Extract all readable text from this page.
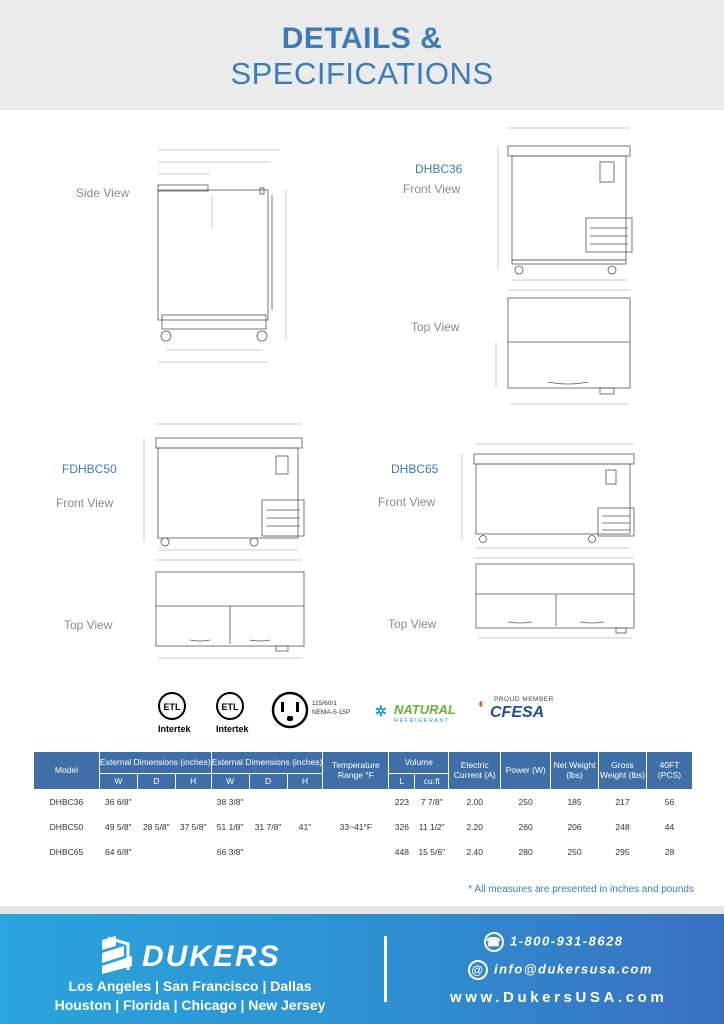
DETAILS &
SPECIFICATIONS
Side View
DHBC36
Front View
Top View
FDHBC50
Front View
Top View
DHBC65
Front View
Top View
ETL	ETL	✲	◐
Intertek	Intertek
115/60/1
NEMA-5-15P	NATURAL
REFRIGERANT
PROUD MEMBER
CFESA
Model	External Dimensions (inches)			External Dimensions (inches)			Temperature Range °F	Volume		Electric Current (A)	Power (W)	Net Weight (lbs)	Gross Weight (lbs)	40FT (PCS)
	W	D	H	W	D	H		L	cu.ft					
DHBC36	36 6/8"			38 3/8"				223	7 7/8"	2.00	250	185	217	56
DHBC50	49 5/8"	28 5/8"	37 5/8"	51 1/8"	31 7/8"	41"	33~41°F	326	11 1/2"	2.20	260	206	248	44
DHBC65	64 6/8"			66 3/8"				448	15 5/6"	2.40	280	250	295	28
* All measures are presented in inches and pounds
DUKERS
Los Angeles | San Francisco | Dallas
Houston | Florida | Chicago | New Jersey
☎ 1-800-931-8628
@ info@dukersusa.com
www.DukersUSA.com
